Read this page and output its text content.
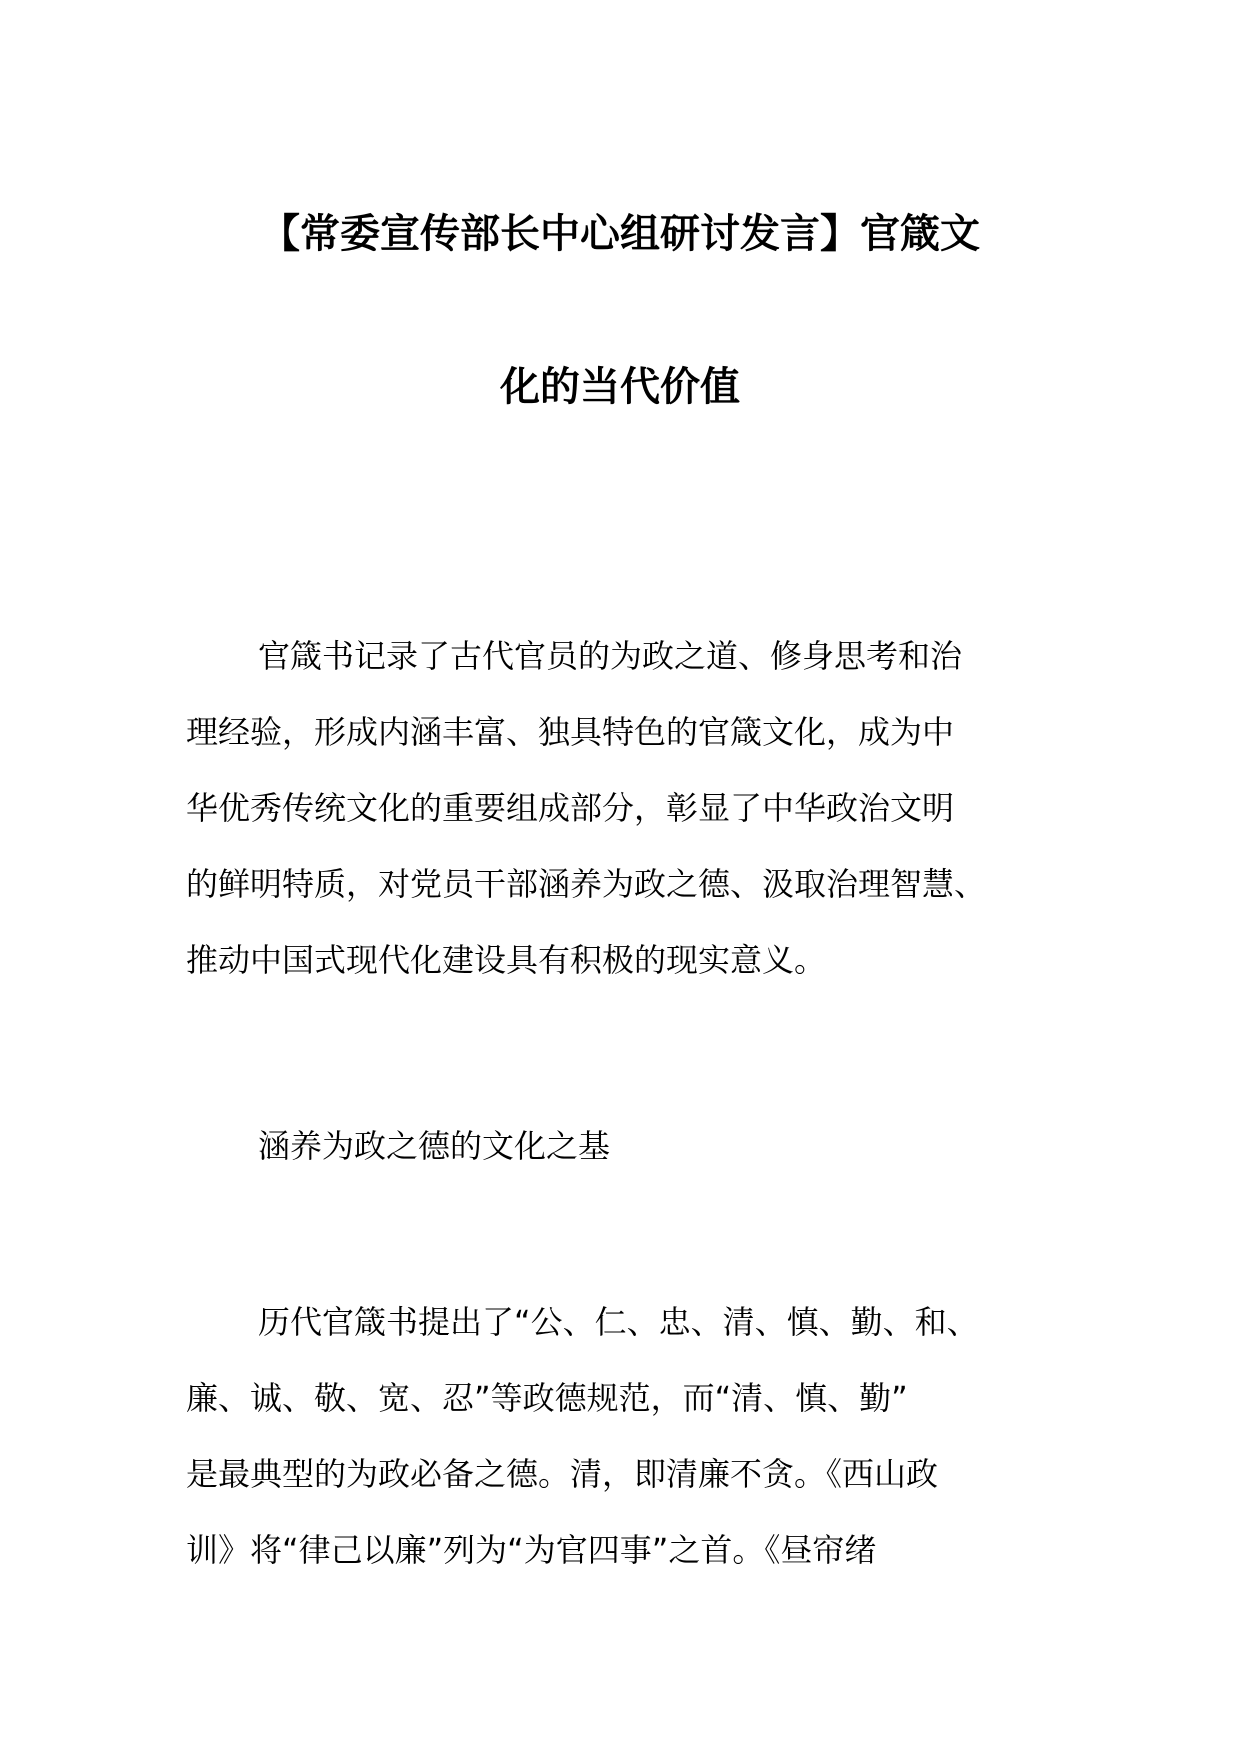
【常委宣传部长中心组研讨发言】官箴文
化的当代价值
官箴书记录了古代官员的为政之道、修身思考和治
理经验，形成内涵丰富、独具特色的官箴文化，成为中
华优秀传统文化的重要组成部分，彰显了中华政治文明
的鲜明特质，对党员干部涵养为政之德、汲取治理智慧、
推动中国式现代化建设具有积极的现实意义。
涵养为政之德的文化之基
历代官箴书提出了“公、仁、忠、清、慎、勤、和、
廉、诚、敬、宽、忍”等政德规范，而“清、慎、勤”
是最典型的为政必备之德。清，即清廉不贪。《西山政
训》将“律己以廉”列为“为官四事”之首。《昼帘绪
